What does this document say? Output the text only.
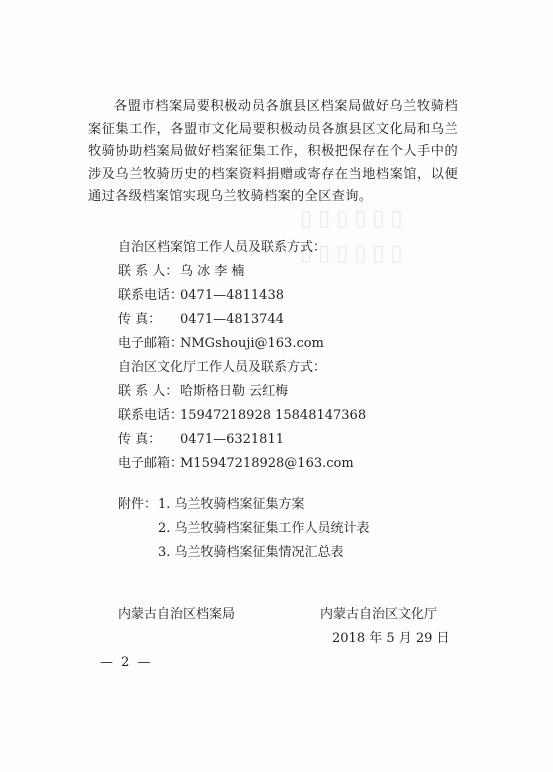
▯▯▯▯▯▯
▯▯▯▯▯▯
各盟市档案局要积极动员各旗县区档案局做好乌兰牧骑档案征集工作，各盟市文化局要积极动员各旗县区文化局和乌兰牧骑协助档案局做好档案征集工作，积极把保存在个人手中的涉及乌兰牧骑历史的档案资料捐赠或寄存在当地档案馆，以便通过各级档案馆实现乌兰牧骑档案的全区查询。
自治区档案馆工作人员及联系方式：
联 系 人： 乌 冰 李 楠
联系电话：0471—4811438
传 真： 0471—4813744
电子邮箱：NMGshouji@163.com
自治区文化厅工作人员及联系方式：
联 系 人： 哈斯格日勒 云红梅
联系电话：15947218928 15848147368
传 真： 0471—6321811
电子邮箱：M15947218928@163.com
附件： 1. 乌兰牧骑档案征集方案
2. 乌兰牧骑档案征集工作人员统计表
3. 乌兰牧骑档案征集情况汇总表
内蒙古自治区档案局	内蒙古自治区文化厅
2018 年 5 月 29 日
— 2 —
